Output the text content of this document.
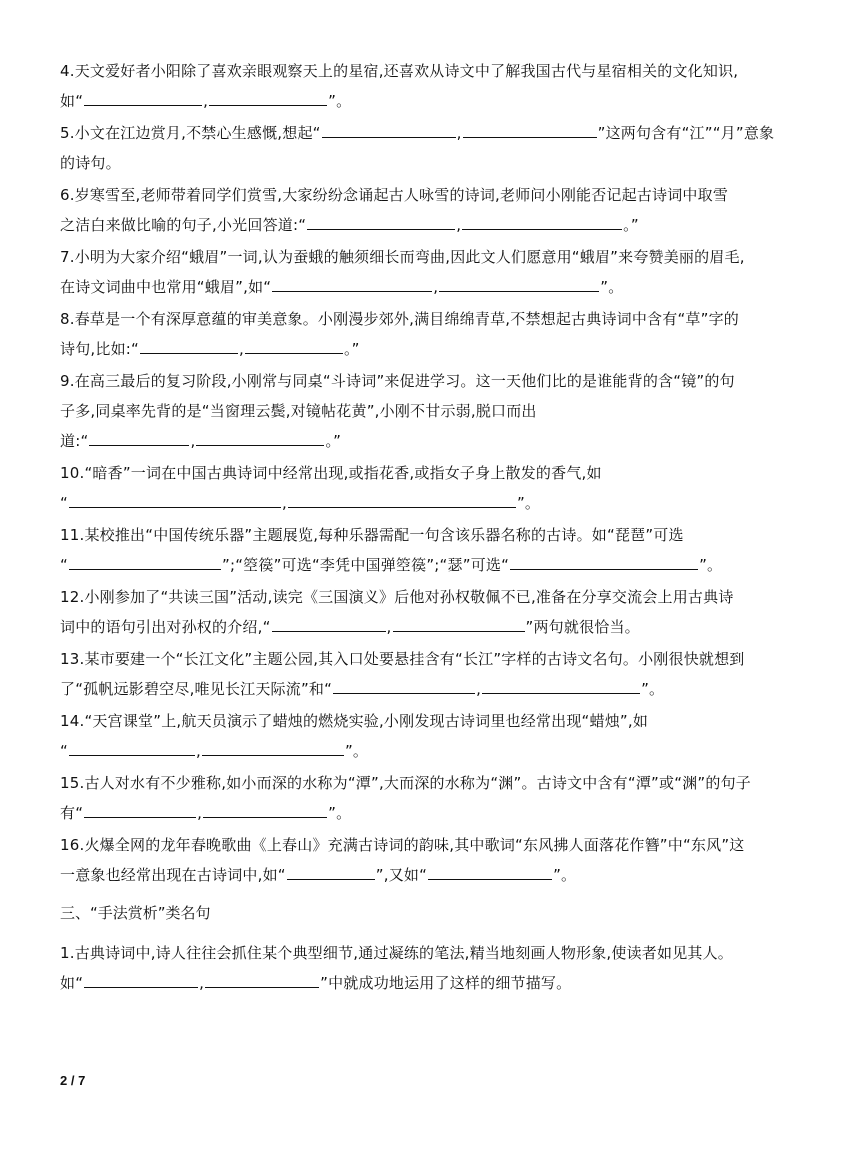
4.天文爱好者小阳除了喜欢亲眼观察天上的星宿,还喜欢从诗文中了解我国古代与星宿相关的文化知识,
如“	,	”。

5.小文在江边赏月,不禁心生感慨,想起“	,	”这两句含有“江”“月”意象
的诗句。

6.岁寒雪至,老师带着同学们赏雪,大家纷纷念诵起古人咏雪的诗词,老师问小刚能否记起古诗词中取雪
之洁白来做比喻的句子,小光回答道:“	,	。”

7.小明为大家介绍“蛾眉”一词,认为蚕蛾的触须细长而弯曲,因此文人们愿意用“蛾眉”来夸赞美丽的眉毛,
在诗文词曲中也常用“蛾眉”,如“	,	”。

8.春草是一个有深厚意蕴的审美意象。小刚漫步郊外,满目绵绵青草,不禁想起古典诗词中含有“草”字的
诗句,比如:“	,	。”

9.在高三最后的复习阶段,小刚常与同桌“斗诗词”来促进学习。这一天他们比的是谁能背的含“镜”的句
子多,同桌率先背的是“当窗理云鬓,对镜帖花黄”,小刚不甘示弱,脱口而出
道:“	,	。”

10.“暗香”一词在中国古典诗词中经常出现,或指花香,或指女子身上散发的香气,如
“	,	”。

11.某校推出“中国传统乐器”主题展览,每种乐器需配一句含该乐器名称的古诗。如“琵琶”可选
“	”;“箜篌”可选“李凭中国弹箜篌”;“瑟”可选“	”。

12.小刚参加了“共读三国”活动,读完《三国演义》后他对孙权敬佩不已,准备在分享交流会上用古典诗
词中的语句引出对孙权的介绍,“	,	”两句就很恰当。

13.某市要建一个“长江文化”主题公园,其入口处要悬挂含有“长江”字样的古诗文名句。小刚很快就想到
了“孤帆远影碧空尽,唯见长江天际流”和“	,	”。

14.“天宫课堂”上,航天员演示了蜡烛的燃烧实验,小刚发现古诗词里也经常出现“蜡烛”,如
“	,	”。

15.古人对水有不少雅称,如小而深的水称为“潭”,大而深的水称为“渊”。古诗文中含有“潭”或“渊”的句子
有“	,	”。

16.火爆全网的龙年春晚歌曲《上春山》充满古诗词的韵味,其中歌词“东风拂人面落花作簪”中“东风”这
一意象也经常出现在古诗词中,如“	”,又如“	”。

三、“手法赏析”类名句

1.古典诗词中,诗人往往会抓住某个典型细节,通过凝练的笔法,精当地刻画人物形象,使读者如见其人。
如“	,	”中就成功地运用了这样的细节描写。

2 / 7
